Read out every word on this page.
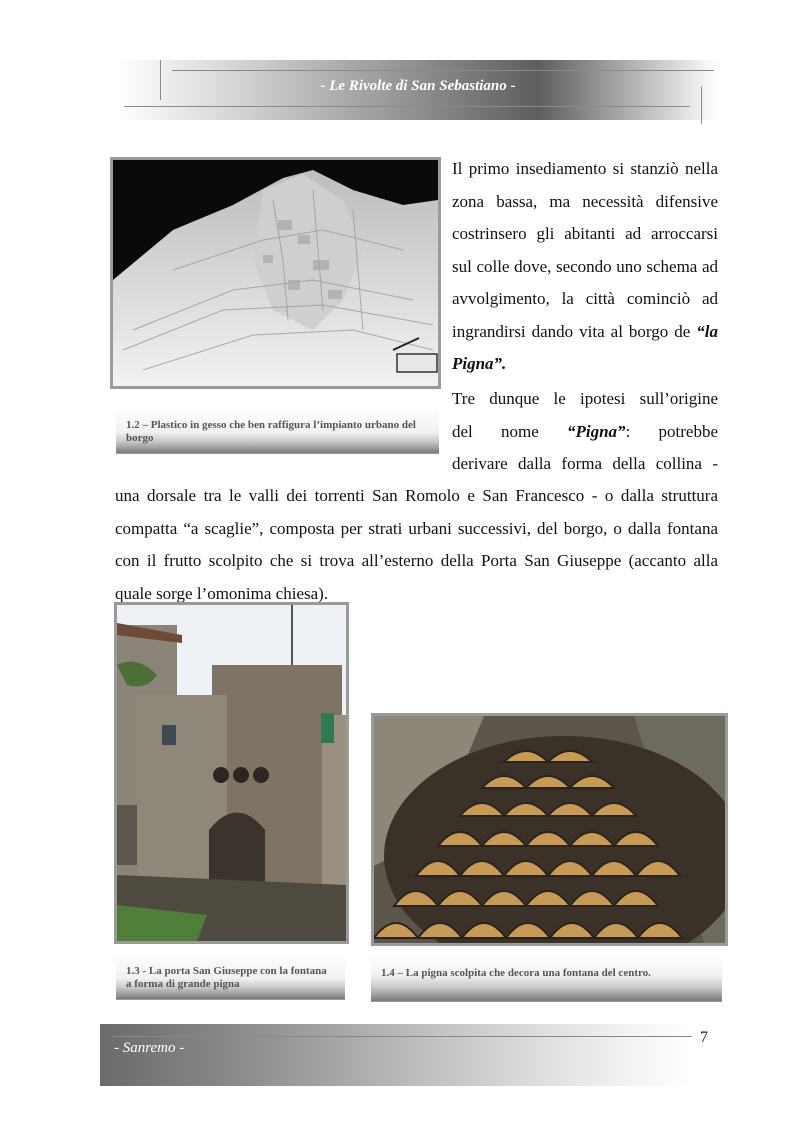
- Le Rivolte di San Sebastiano -
Il primo insediamento si stanziò nella zona bassa, ma necessità difensive costrinsero gli abitanti ad arroccarsi sul colle dove, secondo uno schema ad avvolgimento, la città cominciò ad ingrandirsi dando vita al borgo de “la Pigna”.
1.2 – Plastico in gesso che ben raffigura l’impianto urbano del borgo
Tre dunque le ipotesi sull’origine
del nome “Pigna”: potrebbe
derivare dalla forma della collina -
una dorsale tra le valli dei torrenti San Romolo e San Francesco - o dalla struttura compatta “a scaglie”, composta per strati urbani successivi, del borgo, o dalla fontana con il frutto scolpito che si trova all’esterno della Porta San Giuseppe (accanto alla quale sorge l’omonima chiesa).
1.3 - La porta San Giuseppe con la fontana a forma di grande pigna
1.4 – La pigna scolpita che decora una fontana del centro.
- Sanremo -
7
